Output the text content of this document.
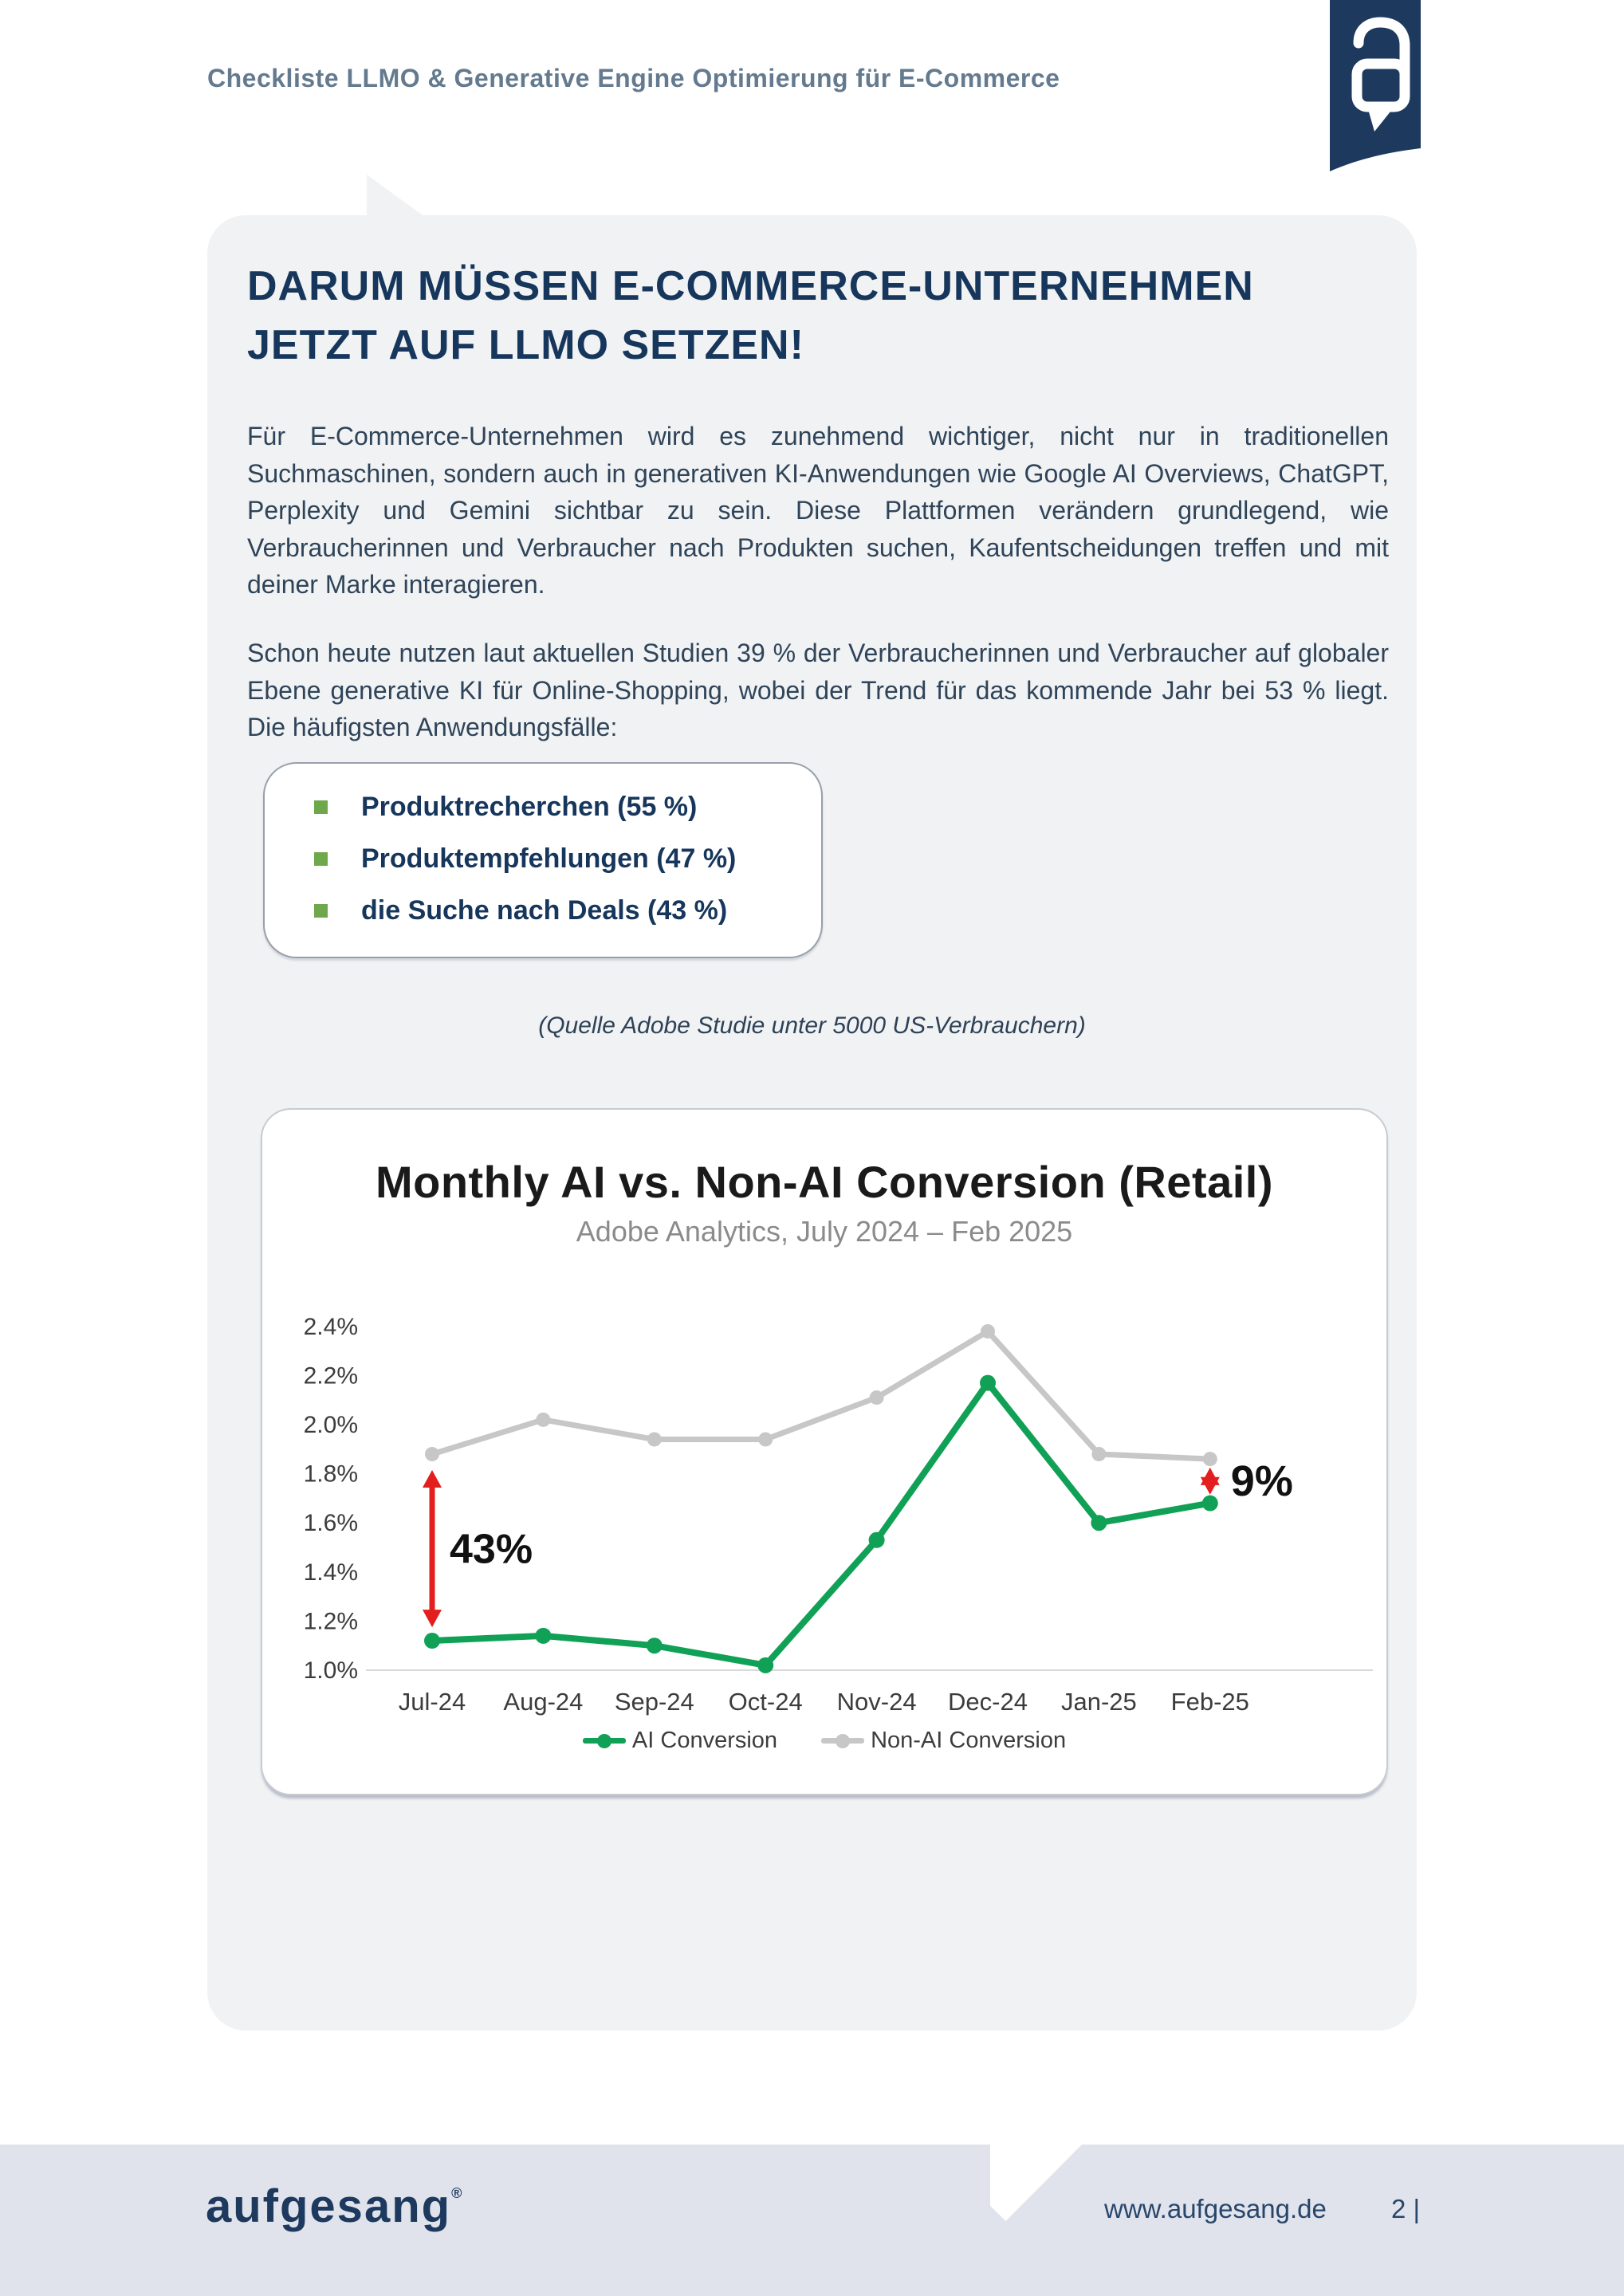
Checkliste LLMO & Generative Engine Optimierung für E-Commerce
DARUM MÜSSEN E-COMMERCE-UNTERNEHMEN
JETZT AUF LLMO SETZEN!

Für E-Commerce-Unternehmen wird es zunehmend wichtiger, nicht nur in traditionellen Suchmaschinen, sondern auch in generativen KI-Anwendungen wie Google AI Overviews, ChatGPT, Perplexity und Gemini sichtbar zu sein. Diese Plattformen verändern grundlegend, wie Verbraucherinnen und Verbraucher nach Produkten suchen, Kaufentscheidungen treffen und mit deiner Marke interagieren.

Schon heute nutzen laut aktuellen Studien 39 % der Verbraucherinnen und Verbraucher auf globaler Ebene generative KI für Online-Shopping, wobei der Trend für das kommende Jahr bei 53 % liegt. Die häufigsten Anwendungsfälle:

Produktrecherchen (55 %)
Produktempfehlungen (47 %)
die Suche nach Deals (43 %)
(Quelle Adobe Studie unter 5000 US-Verbrauchern)
Monthly AI vs. Non-AI Conversion (Retail)
Adobe Analytics, July 2024 – Feb 2025
1.0%
1.2%
1.4%
1.6%
1.8%
2.0%
2.2%
2.4%
Jul-24 Aug-24 Sep-24 Oct-24 Nov-24 Dec-24 Jan-25 Feb-25
43%
9%
AI Conversion	Non-AI Conversion
aufgesang®
www.aufgesang.de 2 |
